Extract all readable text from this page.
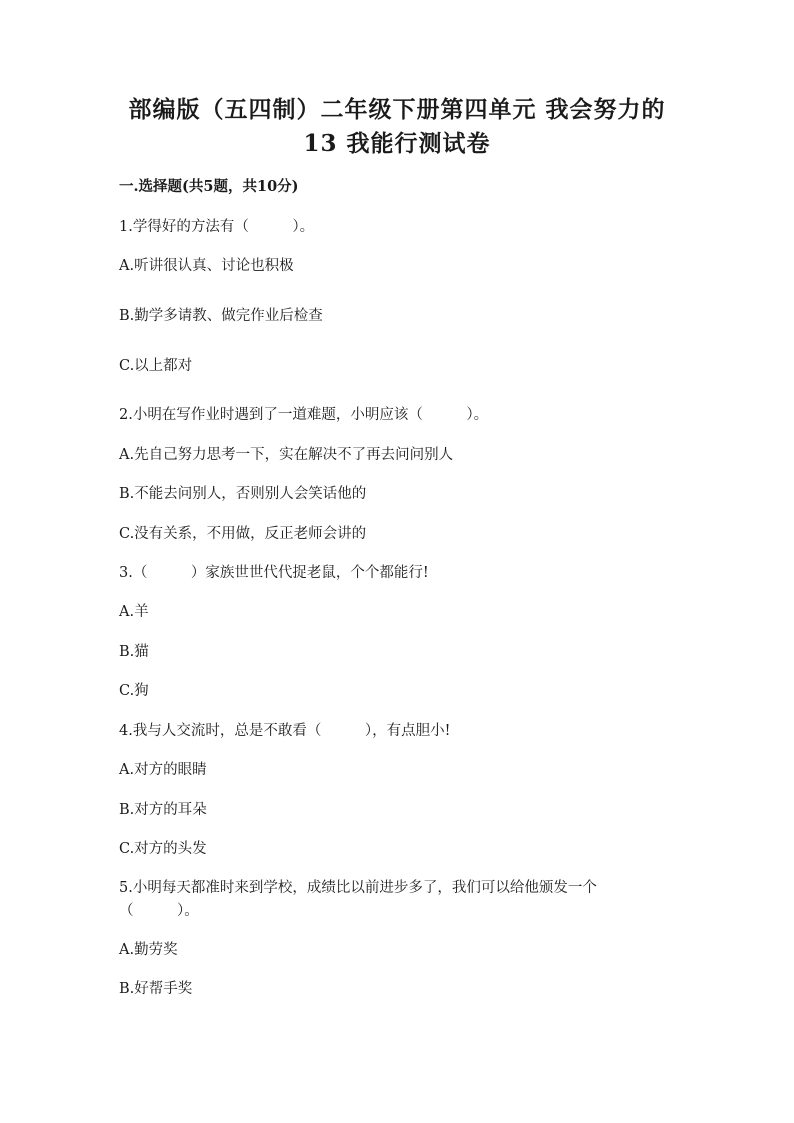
部编版（五四制）二年级下册第四单元 我会努力的
13 我能行测试卷
一.选择题(共5题，共10分)
1.学得好的方法有（　　　）。
A.听讲很认真、讨论也积极
B.勤学多请教、做完作业后检查
C.以上都对
2.小明在写作业时遇到了一道难题，小明应该（　　　）。
A.先自己努力思考一下，实在解决不了再去问问别人
B.不能去问别人，否则别人会笑话他的
C.没有关系，不用做，反正老师会讲的
3.（　　　）家族世世代代捉老鼠，个个都能行!
A.羊
B.猫
C.狗
4.我与人交流时，总是不敢看（　　　），有点胆小!
A.对方的眼睛
B.对方的耳朵
C.对方的头发
5.小明每天都准时来到学校，成绩比以前进步多了，我们可以给他颁发一个
（　　　）。
A.勤劳奖
B.好帮手奖
